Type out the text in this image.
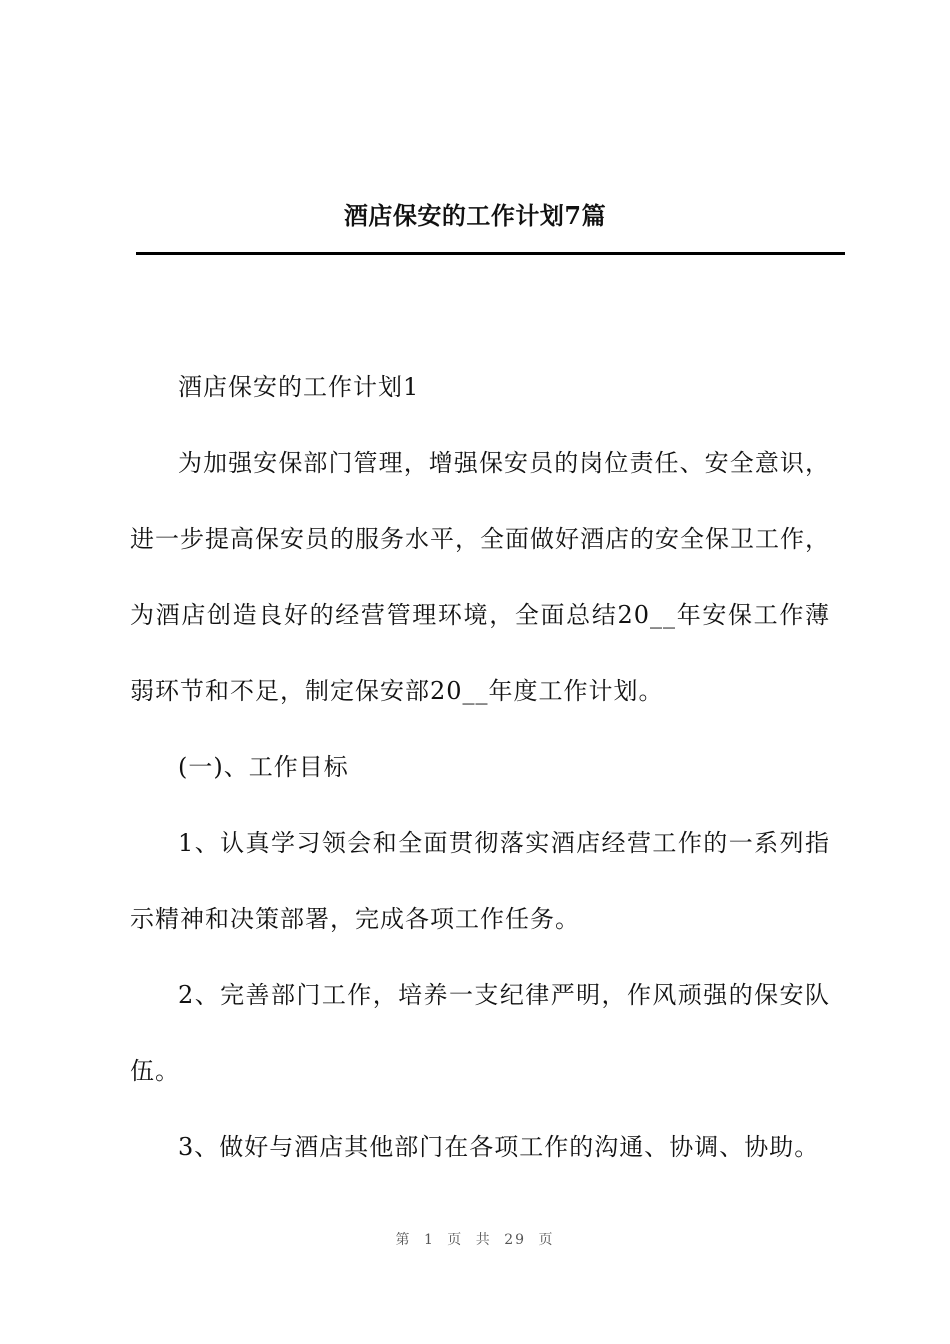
酒店保安的工作计划7篇

酒店保安的工作计划1

为加强安保部门管理，增强保安员的岗位责任、安全意识，进一步提高保安员的服务水平，全面做好酒店的安全保卫工作，为酒店创造良好的经营管理环境，全面总结20__年安保工作薄弱环节和不足，制定保安部20__年度工作计划。

(一)、工作目标

1、认真学习领会和全面贯彻落实酒店经营工作的一系列指示精神和决策部署，完成各项工作任务。

2、完善部门工作，培养一支纪律严明，作风顽强的保安队伍。

3、做好与酒店其他部门在各项工作的沟通、协调、协助。

第 1 页 共 29 页
